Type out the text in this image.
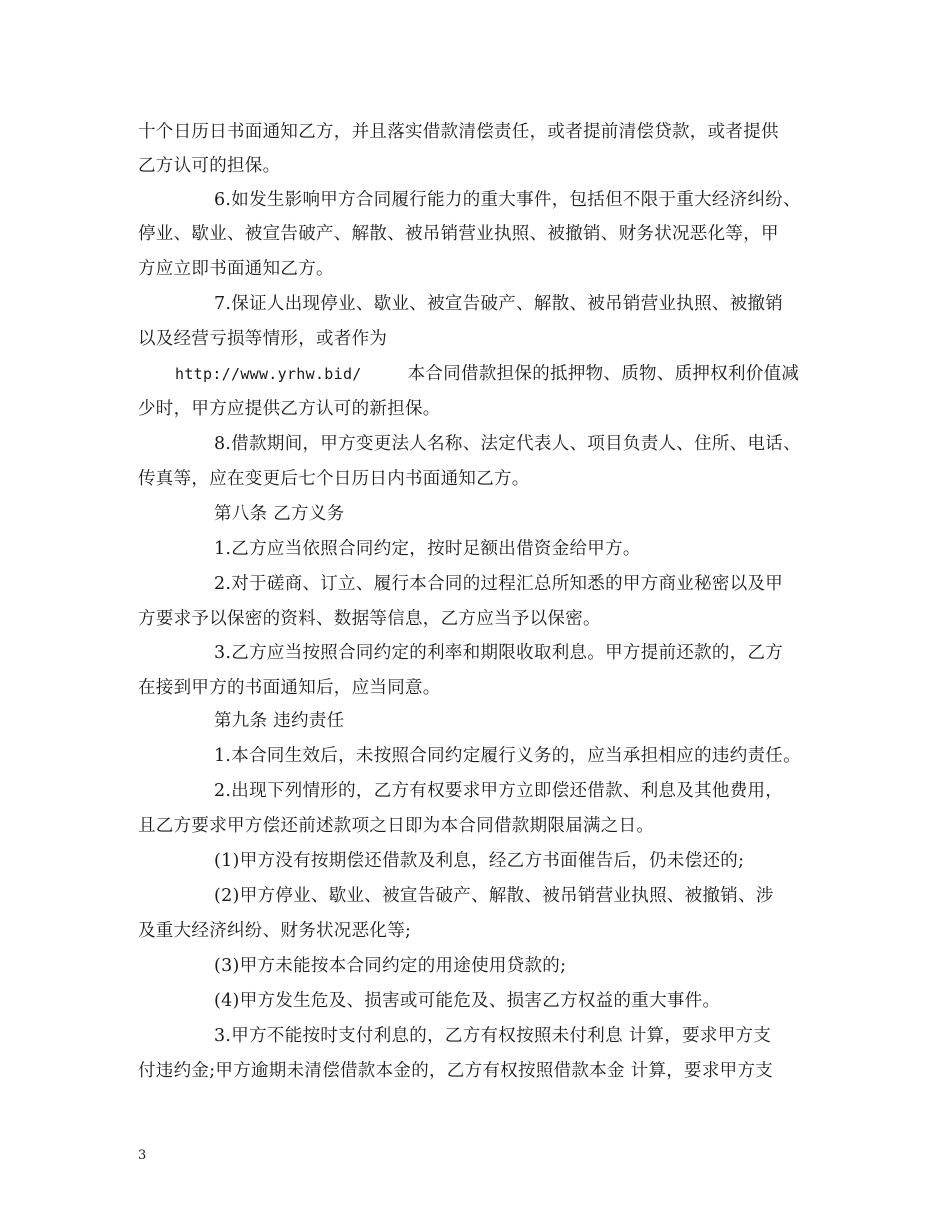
十个日历日书面通知乙方，并且落实借款清偿责任，或者提前清偿贷款，或者提供
乙方认可的担保。
6.如发生影响甲方合同履行能力的重大事件，包括但不限于重大经济纠纷、
停业、歇业、被宣告破产、解散、被吊销营业执照、被撤销、财务状况恶化等，甲
方应立即书面通知乙方。
7.保证人出现停业、歇业、被宣告破产、解散、被吊销营业执照、被撤销
以及经营亏损等情形，或者作为
http://www.yrhw.bid/	本合同借款担保的抵押物、质物、质押权利价值减
少时，甲方应提供乙方认可的新担保。
8.借款期间，甲方变更法人名称、法定代表人、项目负责人、住所、电话、
传真等，应在变更后七个日历日内书面通知乙方。
第八条 乙方义务
1.乙方应当依照合同约定，按时足额出借资金给甲方。
2.对于磋商、订立、履行本合同的过程汇总所知悉的甲方商业秘密以及甲
方要求予以保密的资料、数据等信息，乙方应当予以保密。
3.乙方应当按照合同约定的利率和期限收取利息。甲方提前还款的，乙方
在接到甲方的书面通知后，应当同意。
第九条 违约责任
1.本合同生效后，未按照合同约定履行义务的，应当承担相应的违约责任。
2.出现下列情形的，乙方有权要求甲方立即偿还借款、利息及其他费用，
且乙方要求甲方偿还前述款项之日即为本合同借款期限届满之日。
(1)甲方没有按期偿还借款及利息，经乙方书面催告后，仍未偿还的;
(2)甲方停业、歇业、被宣告破产、解散、被吊销营业执照、被撤销、涉
及重大经济纠纷、财务状况恶化等;
(3)甲方未能按本合同约定的用途使用贷款的;
(4)甲方发生危及、损害或可能危及、损害乙方权益的重大事件。
3.甲方不能按时支付利息的，乙方有权按照未付利息 计算，要求甲方支
付违约金;甲方逾期未清偿借款本金的，乙方有权按照借款本金 计算，要求甲方支
3
